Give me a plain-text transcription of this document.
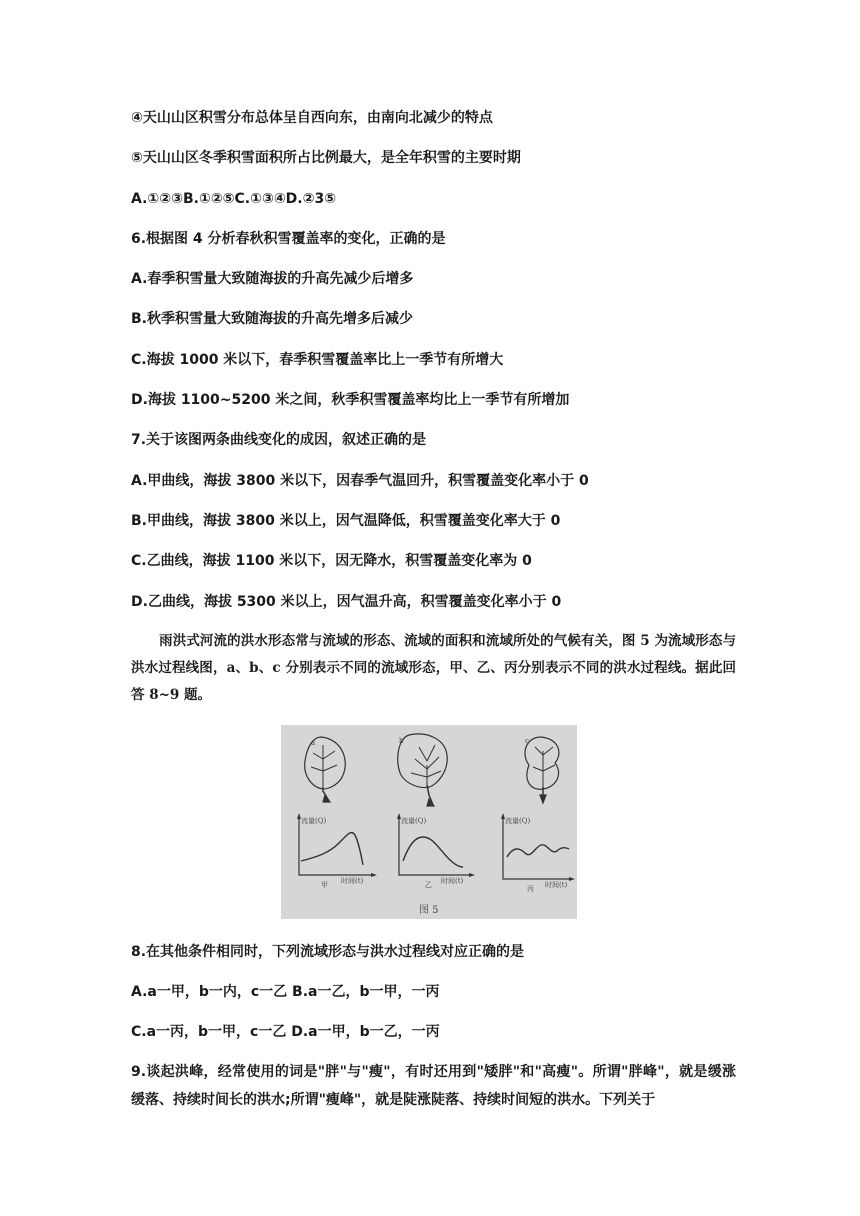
④天山山区积雪分布总体呈自西向东，由南向北减少的特点
⑤天山山区冬季积雪面积所占比例最大，是全年积雪的主要时期
A.①②③B.①②⑤C.①③④D.②3⑤
6.根据图 4 分析春秋积雪覆盖率的变化，正确的是
A.春季积雪量大致随海拔的升高先减少后增多
B.秋季积雪量大致随海拔的升高先增多后减少
C.海拔 1000 米以下，春季积雪覆盖率比上一季节有所增大
D.海拔 1100~5200 米之间，秋季积雪覆盖率均比上一季节有所增加
7.关于该图两条曲线变化的成因，叙述正确的是
A.甲曲线，海拔 3800 米以下，因春季气温回升，积雪覆盖变化率小于 0
B.甲曲线，海拔 3800 米以上，因气温降低，积雪覆盖变化率大于 0
C.乙曲线，海拔 1100 米以下，因无降水，积雪覆盖变化率为 0
D.乙曲线，海拔 5300 米以上，因气温升高，积雪覆盖变化率小于 0
雨洪式河流的洪水形态常与流域的形态、流域的面积和流域所处的气候有关，图 5 为流域形态与洪水过程线图，a、b、c 分别表示不同的流域形态，甲、乙、丙分别表示不同的洪水过程线。据此回答 8~9 题。
a	b	c
流量(Q)
时间(t)
甲
流量(Q)
时间(t)
乙
流量(Q)
时间(t)
丙
图 5
8.在其他条件相同时，下列流域形态与洪水过程线对应正确的是
A.a一甲，b一内，c一乙 B.a一乙，b一甲，一丙
C.a一丙，b一甲，c一乙 D.a一甲，b一乙，一丙
9.谈起洪峰，经常使用的词是"胖"与"瘦"，有时还用到"矮胖"和"高瘦"。所谓"胖峰"，就是缓涨缓落、持续时间长的洪水;所谓"瘦峰"，就是陡涨陡落、持续时间短的洪水。下列关于
